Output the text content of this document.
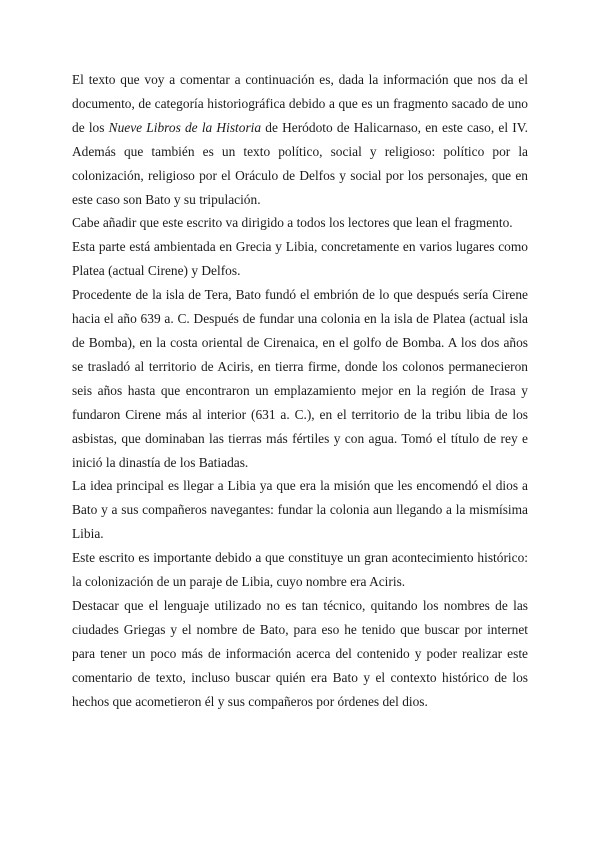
El texto que voy a comentar a continuación es, dada la información que nos da el documento, de categoría historiográfica debido a que es un fragmento sacado de uno de los Nueve Libros de la Historia de Heródoto de Halicarnaso, en este caso, el IV. Además que también es un texto político, social y religioso: político por la colonización, religioso por el Oráculo de Delfos y social por los personajes, que en este caso son Bato y su tripulación.

Cabe añadir que este escrito va dirigido a todos los lectores que lean el fragmento.

Esta parte está ambientada en Grecia y Libia, concretamente en varios lugares como Platea (actual Cirene) y Delfos.

Procedente de la isla de Tera, Bato fundó el embrión de lo que después sería Cirene hacia el año 639 a. C. Después de fundar una colonia en la isla de Platea (actual isla de Bomba), en la costa oriental de Cirenaica, en el golfo de Bomba. A los dos años se trasladó al territorio de Aciris, en tierra firme, donde los colonos permanecieron seis años hasta que encontraron un emplazamiento mejor en la región de Irasa y fundaron Cirene más al interior (631 a. C.), en el territorio de la tribu libia de los asbistas, que dominaban las tierras más fértiles y con agua. Tomó el título de rey e inició la dinastía de los Batiadas.

La idea principal es llegar a Libia ya que era la misión que les encomendó el dios a Bato y a sus compañeros navegantes: fundar la colonia aun llegando a la mismísima Libia.

Este escrito es importante debido a que constituye un gran acontecimiento histórico: la colonización de un paraje de Libia, cuyo nombre era Aciris.

Destacar que el lenguaje utilizado no es tan técnico, quitando los nombres de las ciudades Griegas y el nombre de Bato, para eso he tenido que buscar por internet para tener un poco más de información acerca del contenido y poder realizar este comentario de texto, incluso buscar quién era Bato y el contexto histórico de los hechos que acometieron él y sus compañeros por órdenes del dios.
